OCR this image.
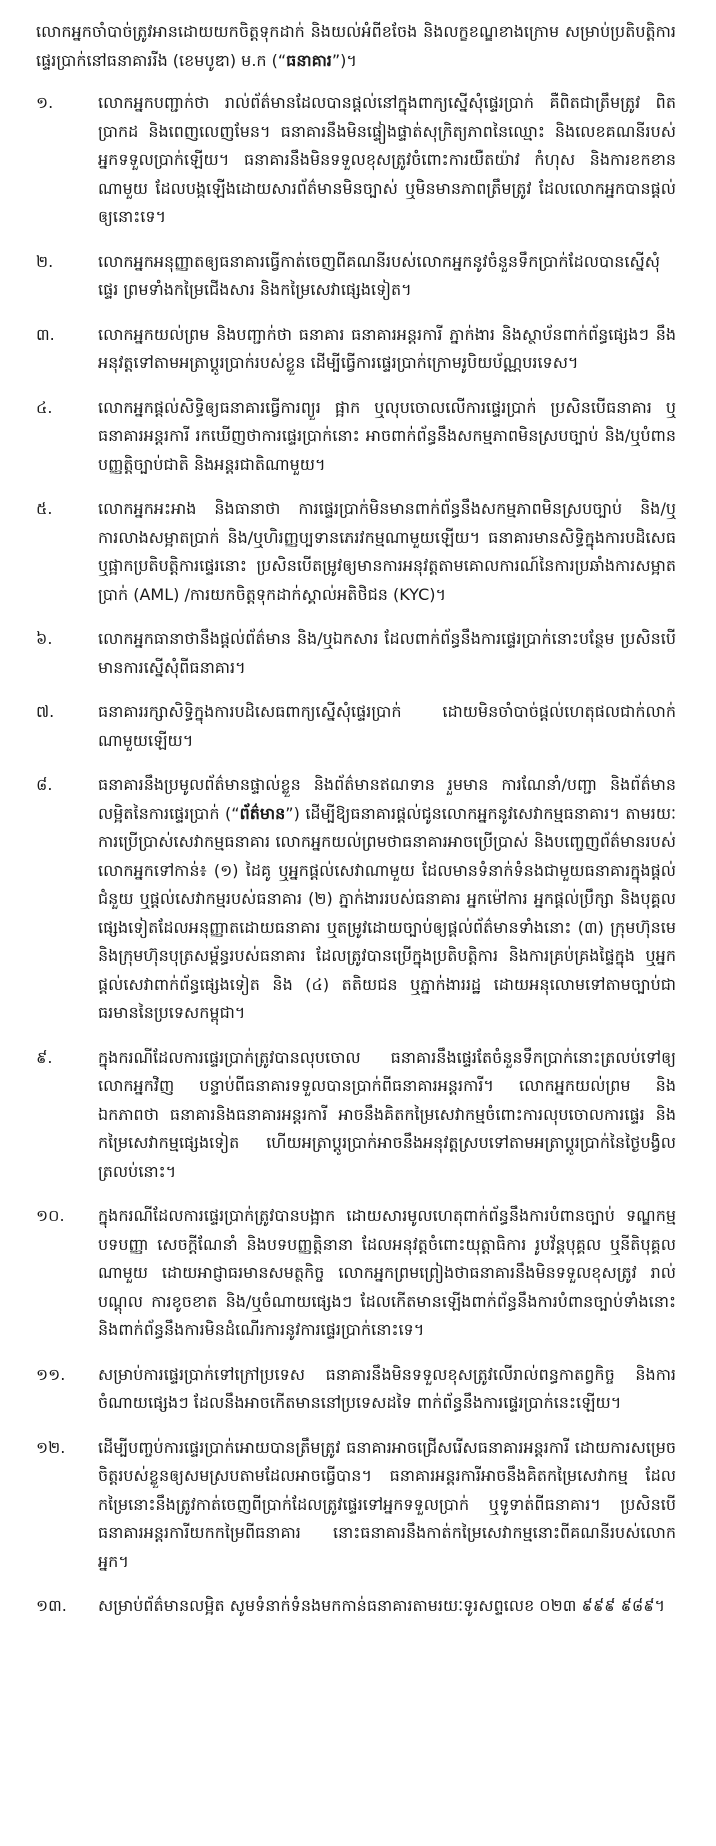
លោកអ្នកចាំបាច់ត្រូវអានដោយយកចិត្តទុកដាក់ និងយល់អំពីខចែង និងលក្ខខណ្ឌខាងក្រោម សម្រាប់ប្រតិបត្តិការផ្ទេរប្រាក់នៅធនាគាររីង (ខេមបូឌា) ម.ក (“ធនាគារ”)។

១.	លោកអ្នកបញ្ជាក់ថា រាល់ព័ត៌មានដែលបានផ្តល់នៅក្នុងពាក្យស្នើសុំផ្ទេរប្រាក់ គឺពិតជាត្រឹមត្រូវ ពិតប្រាកដ និងពេញលេញមែន។ ធនាគារនឹងមិនផ្ទៀងផ្ទាត់សុក្រិត្យភាពនៃឈ្មោះ និងលេខគណនីរបស់អ្នកទទួលប្រាក់ឡើយ។ ធនាគារនឹងមិនទទួលខុសត្រូវចំពោះការយឺតយ៉ាវ កំហុស និងការខកខានណាមួយ ដែលបង្កឡើងដោយសារព័ត៌មានមិនច្បាស់ ឬមិនមានភាពត្រឹមត្រូវ ដែលលោកអ្នកបានផ្តល់ឲ្យនោះទេ។
២.	លោកអ្នកអនុញ្ញាតឲ្យធនាគារធ្វើកាត់ចេញពីគណនីរបស់លោកអ្នកនូវចំនួនទឹកប្រាក់ដែលបានស្នើសុំផ្ទេរ ព្រមទាំងកម្រៃជើងសារ និងកម្រៃសេវាផ្សេងទៀត។
៣.	លោកអ្នកយល់ព្រម និងបញ្ជាក់ថា ធនាគារ ធនាគារអន្តរការី ភ្នាក់ងារ និងស្ថាប័នពាក់ព័ន្ធផ្សេងៗ នឹងអនុវត្តទៅតាមអត្រាប្តូរប្រាក់របស់ខ្លួន ដើម្បីធ្វើការផ្ទេរប្រាក់ក្រោមរូបិយប័ណ្ណបរទេស។
៤.	លោកអ្នកផ្តល់សិទ្ធិឲ្យធនាគារធ្វើការព្យួរ ផ្អាក ឬលុបចោលលើការផ្ទេរប្រាក់ ប្រសិនបើធនាគារ ឬធនាគារអន្តរការី រកឃើញថាការផ្ទេរប្រាក់នោះ អាចពាក់ព័ន្ធនឹងសកម្មភាពមិនស្របច្បាប់ និង/ឬបំពាន បញ្ញត្តិច្បាប់ជាតិ និងអន្តរជាតិណាមួយ។
៥.	លោកអ្នកអះអាង និងធានាថា ការផ្ទេរប្រាក់មិនមានពាក់ព័ន្ធនឹងសកម្មភាពមិនស្របច្បាប់ និង/ឬ ការលាងសម្អាតប្រាក់ និង/ឬហិរញ្ញប្បទានភេរវកម្មណាមួយឡើយ។ ធនាគារមានសិទ្ធិក្នុងការបដិសេធ ឬផ្អាកប្រតិបត្តិការផ្ទេរនោះ ប្រសិនបើតម្រូវឲ្យមានការអនុវត្តតាមគោលការណ៍នៃការប្រឆាំងការសម្អាតប្រាក់ (AML) /ការយកចិត្តទុកដាក់ស្គាល់អតិថិជន (KYC)។
៦.	លោកអ្នកធានាថានឹងផ្តល់ព័ត៌មាន និង/ឬឯកសារ ដែលពាក់ព័ន្ធនឹងការផ្ទេរប្រាក់នោះបន្ថែម ប្រសិនបើមានការស្នើសុំពីធនាគារ។
៧.	ធនាគាររក្សាសិទ្ធិក្នុងការបដិសេធពាក្យស្នើសុំផ្ទេរប្រាក់ ដោយមិនចាំបាច់ផ្តល់ហេតុផលជាក់លាក់ណាមួយឡើយ។
៨.	ធនាគារនឹងប្រមូលព័ត៌មានផ្ទាល់ខ្លួន និងព័ត៌មានឥណទាន រួមមាន ការណែនាំ/បញ្ជា និងព័ត៌មានលម្អិតនៃការផ្ទេរប្រាក់ (“ព័ត៌មាន”) ដើម្បីឱ្យធនាគារផ្តល់ជូនលោកអ្នកនូវសេវាកម្មធនាគារ។ តាមរយៈការប្រើប្រាស់សេវាកម្មធនាគារ លោកអ្នកយល់ព្រមថាធនាគារអាចប្រើប្រាស់ និងបញ្ចេញព័ត៌មានរបស់លោកអ្នកទៅកាន់៖ (១) ដៃគូ ឬអ្នកផ្តល់សេវាណាមួយ ដែលមានទំនាក់ទំនងជាមួយធនាគារក្នុងផ្តល់ជំនួយ ឬផ្តល់សេវាកម្មរបស់ធនាគារ (២) ភ្នាក់ងាររបស់ធនាគារ អ្នកម៉ៅការ អ្នកផ្តល់ប្រឹក្សា និងបុគ្គលផ្សេងទៀតដែលអនុញ្ញាតដោយធនាគារ ឬតម្រូវដោយច្បាប់ឲ្យផ្តល់ព័ត៌មានទាំងនោះ (៣) ក្រុមហ៊ុនមេ និងក្រុមហ៊ុនបុត្រសម្ព័ន្ធរបស់ធនាគារ ដែលត្រូវបានប្រើក្នុងប្រតិបត្តិការ និងការគ្រប់គ្រងផ្ទៃក្នុង ឬអ្នកផ្តល់សេវាពាក់ព័ន្ធផ្សេងទៀត និង (៤) តតិយជន ឬភ្នាក់ងាររដ្ឋ ដោយអនុលោមទៅតាមច្បាប់ជាធរមាននៃប្រទេសកម្ពុជា។
៩.	ក្នុងករណីដែលការផ្ទេរប្រាក់ត្រូវបានលុបចោល ធនាគារនឹងផ្ទេរតែចំនួនទឹកប្រាក់នោះត្រលប់ទៅឲ្យលោកអ្នកវិញ បន្ទាប់ពីធនាគារទទួលបានប្រាក់ពីធនាគារអន្តរការី។ លោកអ្នកយល់ព្រម និងឯកភាពថា ធនាគារនិងធនាគារអន្តរការី អាចនឹងគិតកម្រៃសេវាកម្មចំពោះការលុបចោលការផ្ទេរ និងកម្រៃសេវាកម្មផ្សេងទៀត ហើយអត្រាប្តូរប្រាក់អាចនឹងអនុវត្តស្របទៅតាមអត្រាប្តូរប្រាក់នៃថ្ងៃបង្វិលត្រលប់នោះ។
១០.	ក្នុងករណីដែលការផ្ទេរប្រាក់ត្រូវបានបង្អាក ដោយសារមូលហេតុពាក់ព័ន្ធនឹងការបំពានច្បាប់ ទណ្ឌកម្ម បទបញ្ញា សេចក្តីណែនាំ និងបទបញ្ញត្តិនានា ដែលអនុវត្តចំពោះយុត្តាធិការ រូបវ័ន្តបុគ្គល ឬនីតិបុគ្គលណាមួយ ដោយអាជ្ញាធរមានសមត្ថកិច្ច លោកអ្នកព្រមព្រៀងថាធនាគារនឹងមិនទទួលខុសត្រូវ រាល់បណ្តុល ការខូចខាត និង/ឬចំណាយផ្សេងៗ ដែលកើតមានឡើងពាក់ព័ន្ធនឹងការបំពានច្បាប់ទាំងនោះ និងពាក់ព័ន្ធនឹងការមិនដំណើរការនូវការផ្ទេរប្រាក់នោះទេ។
១១.	សម្រាប់ការផ្ទេរប្រាក់ទៅក្រៅប្រទេស ធនាគារនឹងមិនទទួលខុសត្រូវលើរាល់ពន្ធកាតព្វកិច្ច និងការចំណាយផ្សេងៗ ដែលនឹងអាចកើតមាននៅប្រទេសដទៃ ពាក់ព័ន្ធនឹងការផ្ទេរប្រាក់នេះឡើយ។
១២.	ដើម្បីបញ្ចប់ការផ្ទេរប្រាក់អោយបានត្រឹមត្រូវ ធនាគារអាចជ្រើសរើសធនាគារអន្តរការី ដោយការសម្រេចចិត្តរបស់ខ្លួនឲ្យសមស្របតាមដែលអាចធ្វើបាន។ ធនាគារអន្តរការីអាចនឹងគិតកម្រៃសេវាកម្ម ដែលកម្រៃនោះនឹងត្រូវកាត់ចេញពីប្រាក់ដែលត្រូវផ្ទេរទៅអ្នកទទួលប្រាក់ ឬទូទាត់ពីធនាគារ។ ប្រសិនបើធនាគារអន្តរការីយកកម្រៃពីធនាគារ នោះធនាគារនឹងកាត់កម្រៃសេវាកម្មនោះពីគណនីរបស់លោកអ្នក។
១៣.	សម្រាប់ព័ត៌មានលម្អិត សូមទំនាក់ទំនងមកកាន់ធនាគារតាមរយៈទូរសព្ទលេខ ០២៣ ៩៩៩ ៩៨៩។
